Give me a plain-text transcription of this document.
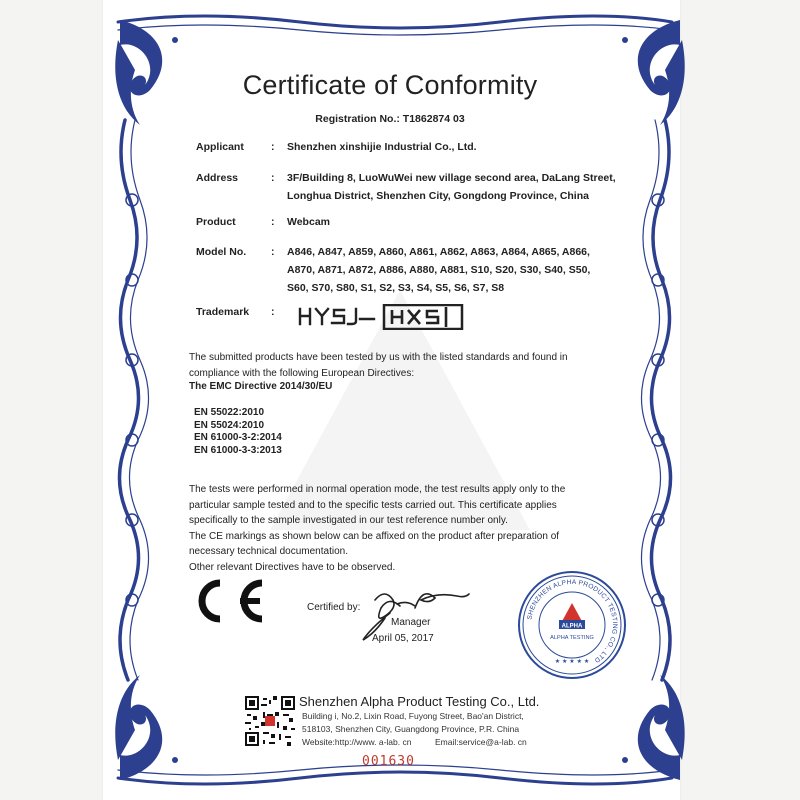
Certificate of Conformity
Registration No.: T1862874 03
Applicant	: Shenzhen xinshijie Industrial Co., Ltd.
Address	: 3F/Building 8, LuoWuWei new village second area, DaLang Street,
Longhua District, Shenzhen City, Gongdong Province, China
Product	: Webcam
Model No. : A846, A847, A859, A860, A861, A862, A863, A864, A865, A866,
A870, A871, A872, A886, A880, A881, S10, S20, S30, S40, S50,
S60, S70, S80, S1, S2, S3, S4, S5, S6, S7, S8
Trademark :
HXS
The submitted products have been tested by us with the listed standards and found in
compliance with the following European Directives:
The EMC Directive 2014/30/EU
EN 55022:2010
EN 55024:2010
EN 61000-3-2:2014
EN 61000-3-3:2013
The tests were performed in normal operation mode, the test results apply only to the
particular sample tested and to the specific tests carried out. This certificate applies
specifically to the sample investigated in our test reference number only.
The CE markings as shown below can be affixed on the product after preparation of
necessary technical documentation.
Other relevant Directives have to be observed.
Certified by:
Manager
April 05, 2017
SHENZHEN ALPHA PRODUCT TESTING CO., LTD
ALPHA
ALPHA TESTING
★ ★ ★ ★ ★
Shenzhen Alpha Product Testing Co., Ltd.
Building i, No.2, Lixin Road, Fuyong Street, Bao'an District,
518103, Shenzhen City, Guangdong Province, P.R. China
Website:http://www. a-lab. cn	Email:service@a-lab. cn
001630
